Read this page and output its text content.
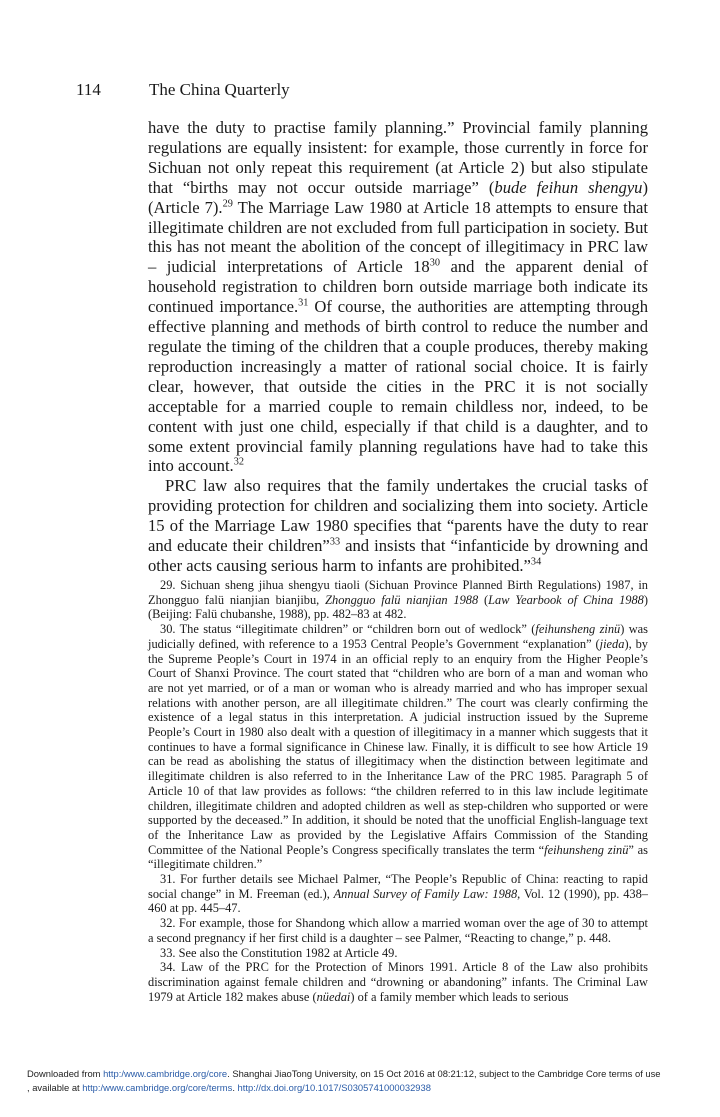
114	The China Quarterly

have the duty to practise family planning.” Provincial family planning regulations are equally insistent: for example, those currently in force for Sichuan not only repeat this requirement (at Article 2) but also stipulate that “births may not occur outside marriage” (bude feihun shengyu) (Article 7).$^{29}$ The Marriage Law 1980 at Article 18 attempts to ensure that illegitimate children are not excluded from full participation in society. But this has not meant the abolition of the concept of illegitimacy in PRC law – judicial interpretations of Article $18^{30}$ and the apparent denial of household registration to children born outside marriage both indicate its continued importance.$^{31}$ Of course, the authorities are attempting through effective planning and methods of birth control to reduce the number and regulate the timing of the children that a couple produces, thereby making reproduction increasingly a matter of rational social choice. It is fairly clear, however, that outside the cities in the PRC it is not socially acceptable for a married couple to remain childless nor, indeed, to be content with just one child, especially if that child is a daughter, and to some extent provincial family planning regulations have had to take this into account.$^{32}$

PRC law also requires that the family undertakes the crucial tasks of providing protection for children and socializing them into society. Article 15 of the Marriage Law 1980 specifies that “parents have the duty to rear and educate their children”$^{33}$ and insists that “infanticide by drowning and other acts causing serious harm to infants are prohibited.”$^{34}$

29. Sichuan sheng jihua shengyu tiaoli (Sichuan Province Planned Birth Regulations) 1987, in Zhongguo falü nianjian bianjibu, Zhongguo falü nianjian 1988 (Law Yearbook of China 1988) (Beijing: Falü chubanshe, 1988), pp. 482–83 at 482.

30. The status “illegitimate children” or “children born out of wedlock” (feihunsheng zinü) was judicially defined, with reference to a 1953 Central People’s Government “explanation” (jieda), by the Supreme People’s Court in 1974 in an official reply to an enquiry from the Higher People’s Court of Shanxi Province. The court stated that “children who are born of a man and woman who are not yet married, or of a man or woman who is already married and who has improper sexual relations with another person, are all illegitimate children.” The court was clearly confirming the existence of a legal status in this interpretation. A judicial instruction issued by the Supreme People’s Court in 1980 also dealt with a question of illegitimacy in a manner which suggests that it continues to have a formal significance in Chinese law. Finally, it is difficult to see how Article 19 can be read as abolishing the status of illegitimacy when the distinction between legitimate and illegitimate children is also referred to in the Inheritance Law of the PRC 1985. Paragraph 5 of Article 10 of that law provides as follows: “the children referred to in this law include legitimate children, illegitimate children and adopted children as well as step-children who supported or were supported by the deceased.” In addition, it should be noted that the unofficial English-language text of the Inheritance Law as provided by the Legislative Affairs Commission of the Standing Committee of the National People’s Congress specifically translates the term “feihunsheng zinü” as “illegitimate children.”

31. For further details see Michael Palmer, “The People’s Republic of China: reacting to rapid social change” in M. Freeman (ed.), Annual Survey of Family Law: 1988, Vol. 12 (1990), pp. 438–460 at pp. 445–47.

32. For example, those for Shandong which allow a married woman over the age of 30 to attempt a second pregnancy if her first child is a daughter – see Palmer, “Reacting to change,” p. 448.

33. See also the Constitution 1982 at Article 49.

34. Law of the PRC for the Protection of Minors 1991. Article 8 of the Law also prohibits discrimination against female children and “drowning or abandoning” infants. The Criminal Law 1979 at Article 182 makes abuse (nüedai) of a family member which leads to serious

Downloaded from http:/www.cambridge.org/core. Shanghai JiaoTong University, on 15 Oct 2016 at 08:21:12, subject to the Cambridge Core terms of use
, available at http:/www.cambridge.org/core/terms. http://dx.doi.org/10.1017/S0305741000032938
